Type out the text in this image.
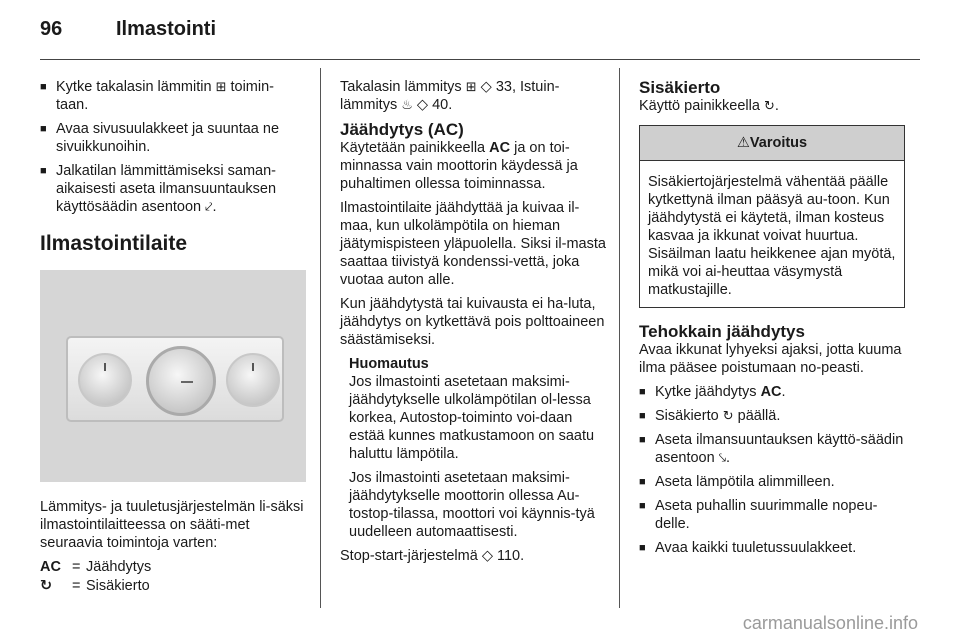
96	Ilmastointi
■ Kytke takalasin lämmitin ⊞ toimin-taan.
■ Avaa sivusuulakkeet ja suuntaa ne sivuikkunoihin.
■ Jalkatilan lämmittämiseksi saman-aikaisesti aseta ilmansuuntauksen käyttösäädin asentoon ⤦.
Ilmastointilaite

Lämmitys- ja tuuletusjärjestelmän li-säksi ilmastointilaitteessa on sääti-met seuraavia toimintoja varten:

AC = Jäähdytys
↻	= Sisäkierto

Takalasin lämmitys ⊞ ◇ 33, Istuin-lämmitys ♨ ◇ 40.

Jäähdytys (AC)

Käytetään painikkeella AC ja on toi-minnassa vain moottorin käydessä ja puhaltimen ollessa toiminnassa.

Ilmastointilaite jäähdyttää ja kuivaa il-maa, kun ulkolämpötila on hieman jäätymispisteen yläpuolella. Siksi il-masta saattaa tiivistyä kondenssi-vettä, joka vuotaa auton alle.

Kun jäähdytystä tai kuivausta ei ha-luta, jäähdytys on kytkettävä pois polttoaineen säästämiseksi.

Huomautus

Jos ilmastointi asetetaan maksimi-jäähdytykselle ulkolämpötilan ol-lessa korkea, Autostop-toiminto voi-daan estää kunnes matkustamoon on saatu haluttu lämpötila.

Jos ilmastointi asetetaan maksimi-jäähdytykselle moottorin ollessa Au-tostop-tilassa, moottori voi käynnis-tyä uudelleen automaattisesti.

Stop-start-järjestelmä ◇ 110.

Sisäkierto

Käyttö painikkeella ↻.

⚠Varoitus
Sisäkiertojärjestelmä vähentää päälle kytkettynä ilman pääsyä au-toon. Kun jäähdytystä ei käytetä, ilman kosteus kasvaa ja ikkunat voivat huurtua. Sisäilman laatu heikkenee ajan myötä, mikä voi ai-heuttaa väsymystä matkustajille.
Tehokkain jäähdytys

Avaa ikkunat lyhyeksi ajaksi, jotta kuuma ilma pääsee poistumaan no-peasti.

■ Kytke jäähdytys AC.
■ Sisäkierto ↻ päällä.
■ Aseta ilmansuuntauksen käyttö-säädin asentoon ⤥.
■ Aseta lämpötila alimmilleen.
■ Aseta puhallin suurimmalle nopeu-delle.
■ Avaa kaikki tuuletussuulakkeet.
carmanualsonline.info
